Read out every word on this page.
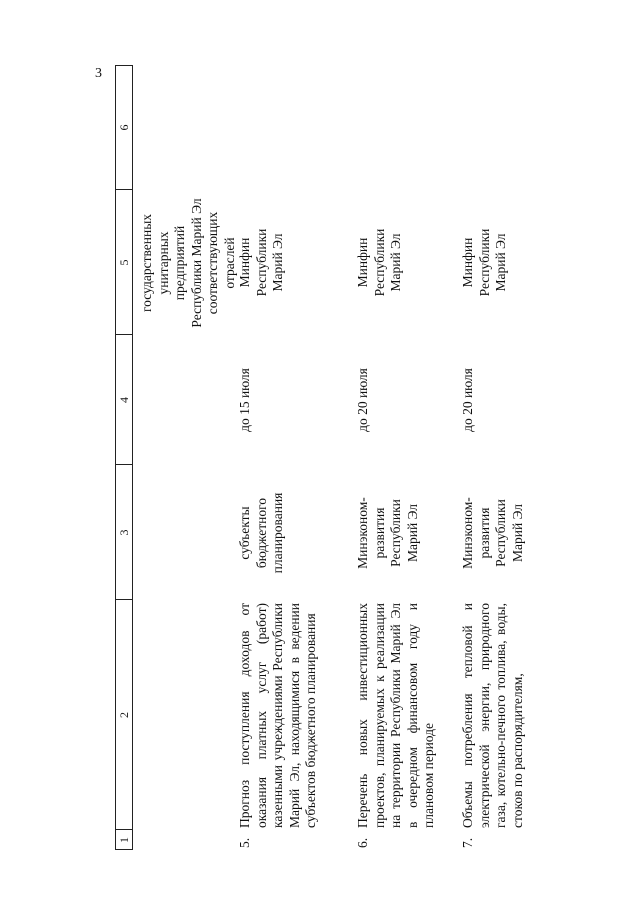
3
1
2
3
4
5
6
государственных унитарных предприятий Республики Марий Эл соответствующих отраслей
5.
Прогноз поступления доходов от оказания платных услуг (работ) казенными учреждениями Республики Марий Эл, находящимися в ведении субъектов бюджетного планирования
субъекты бюджетного планирования
до 15 июля
Минфин Республики Марий Эл
6.
Перечень новых инвестиционных проектов, планируемых к реализации на территории Республики Марий Эл в очередном финансовом году и плановом периоде
Минэконом-развития Республики Марий Эл
до 20 июля
Минфин Республики Марий Эл
7.
Объемы потребления тепловой и электрической энергии, природного газа, котельно-печного топлива, воды, стоков по распорядителям,
Минэконом-развития Республики Марий Эл
до 20 июля
Минфин Республики Марий Эл
